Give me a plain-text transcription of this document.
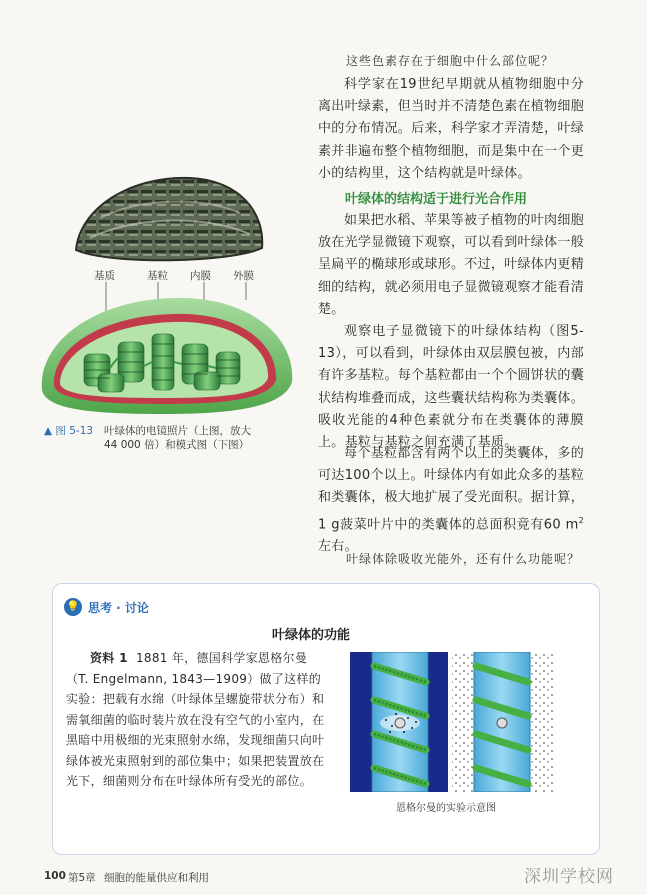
这些色素存在于细胞中什么部位呢？

科学家在19世纪早期就从植物细胞中分离出叶绿素，但当时并不清楚色素在植物细胞中的分布情况。后来，科学家才弄清楚，叶绿素并非遍布整个植物细胞，而是集中在一个更小的结构里，这个结构就是叶绿体。

叶绿体的结构适于进行光合作用

如果把水稻、苹果等被子植物的叶肉细胞放在光学显微镜下观察，可以看到叶绿体一般呈扁平的椭球形或球形。不过，叶绿体内更精细的结构，就必须用电子显微镜观察才能看清楚。

观察电子显微镜下的叶绿体结构（图5-13），可以看到，叶绿体由双层膜包被，内部有许多基粒。每个基粒都由一个个圆饼状的囊状结构堆叠而成，这些囊状结构称为类囊体。吸收光能的4种色素就分布在类囊体的薄膜上。基粒与基粒之间充满了基质。

每个基粒都含有两个以上的类囊体，多的可达100个以上。叶绿体内有如此众多的基粒和类囊体，极大地扩展了受光面积。据计算，1 g菠菜叶片中的类囊体的总面积竟有60 $m^2$左右。

叶绿体除吸收光能外，还有什么功能呢？
基质	基粒 内膜 外膜
▲ 图 5-13 叶绿体的电镜照片（上图，放大
44 000 倍）和模式图（下图）
💡 思考 · 讨论
叶绿体的功能

资料 1 1881 年，德国科学家恩格尔曼（T. Engelmann, 1843—1909）做了这样的实验：把载有水绵（叶绿体呈螺旋带状分布）和需氧细菌的临时装片放在没有空气的小室内，在黑暗中用极细的光束照射水绵，发现细菌只向叶绿体被光束照射到的部位集中；如果把装置放在光下，细菌则分布在叶绿体所有受光的部位。

恩格尔曼的实验示意图
100 第5章 细胞的能量供应和利用	深圳学校网
